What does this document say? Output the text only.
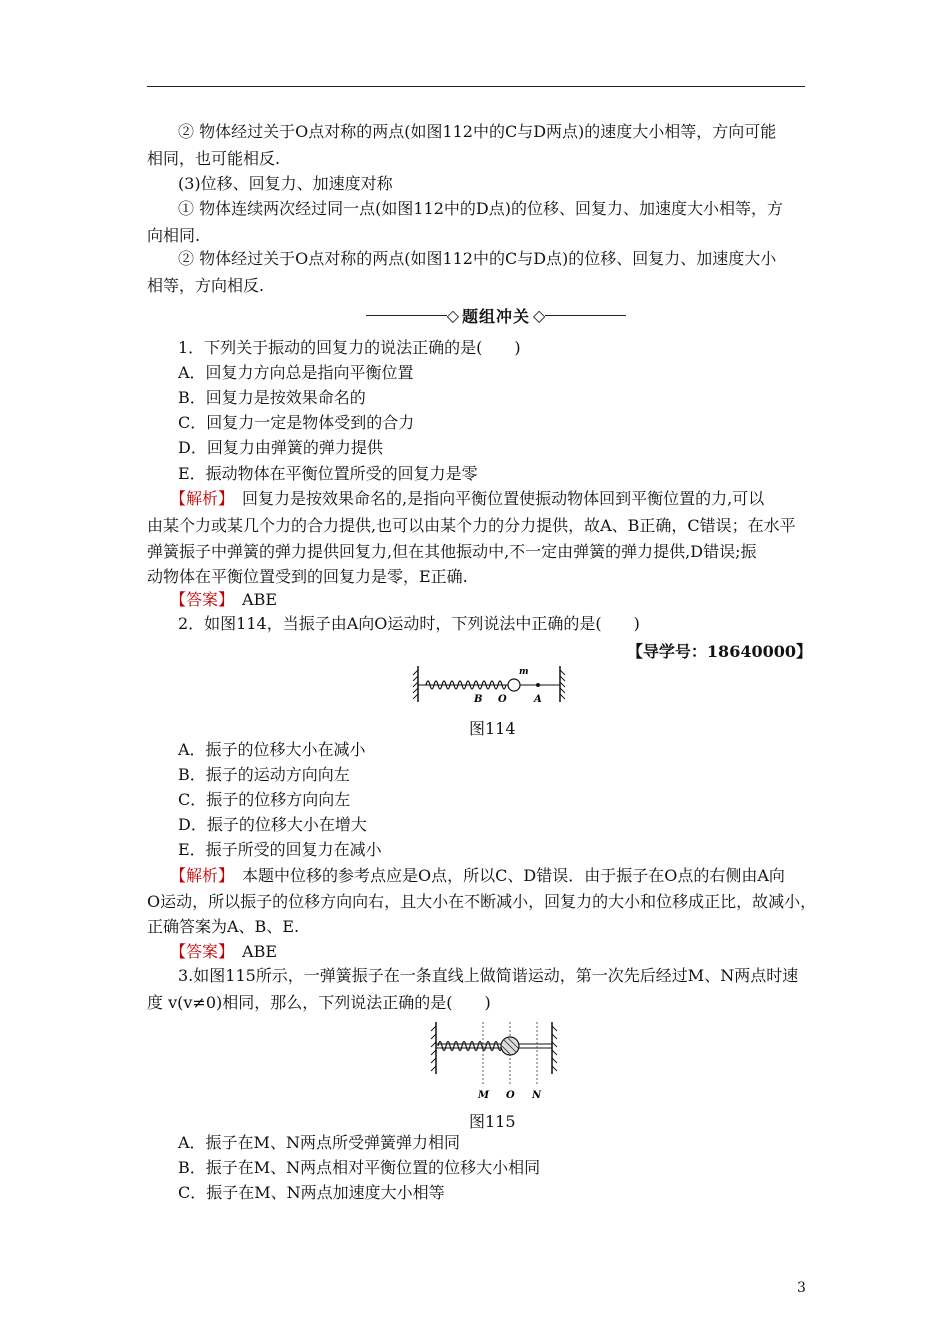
② 物体经过关于O点对称的两点(如图112中的C与D两点)的速度大小相等，方向可能
相同，也可能相反.
(3)位移、回复力、加速度对称
① 物体连续两次经过同一点(如图112中的D点)的位移、回复力、加速度大小相等，方
向相同.
② 物体经过关于O点对称的两点(如图112中的C与D点)的位移、回复力、加速度大小
相等，方向相反.
◇ 题组冲关 ◇
1．下列关于振动的回复力的说法正确的是(　　)
A．回复力方向总是指向平衡位置
B．回复力是按效果命名的
C．回复力一定是物体受到的合力
D．回复力由弹簧的弹力提供
E．振动物体在平衡位置所受的回复力是零
【解析】　 回复力是按效果命名的,是指向平衡位置使振动物体回到平衡位置的力,可以
由某个力或某几个力的合力提供,也可以由某个力的分力提供，故A、B正确，C错误；在水平
弹簧振子中弹簧的弹力提供回复力,但在其他振动中,不一定由弹簧的弹力提供,D错误;振
动物体在平衡位置受到的回复力是零，E正确.
【答案】　 ABE
2．如图114，当振子由A向O运动时，下列说法中正确的是(　　)
【导学号：18640000】
m
B O	A
图114
A．振子的位移大小在减小
B．振子的运动方向向左
C．振子的位移方向向左
D．振子的位移大小在增大
E．振子所受的回复力在减小
【解析】　 本题中位移的参考点应是O点，所以C、D错误．由于振子在O点的右侧由A向
O运动，所以振子的位移方向向右，且大小在不断减小，回复力的大小和位移成正比，故减小，
正确答案为A、B、E.
【答案】　 ABE
3.如图115所示，一弹簧振子在一条直线上做简谐运动，第一次先后经过M、N两点时速
度 v(v≠0)相同，那么，下列说法正确的是(　　)
M O N
图115
A．振子在M、N两点所受弹簧弹力相同
B．振子在M、N两点相对平衡位置的位移大小相同
C．振子在M、N两点加速度大小相等
3
